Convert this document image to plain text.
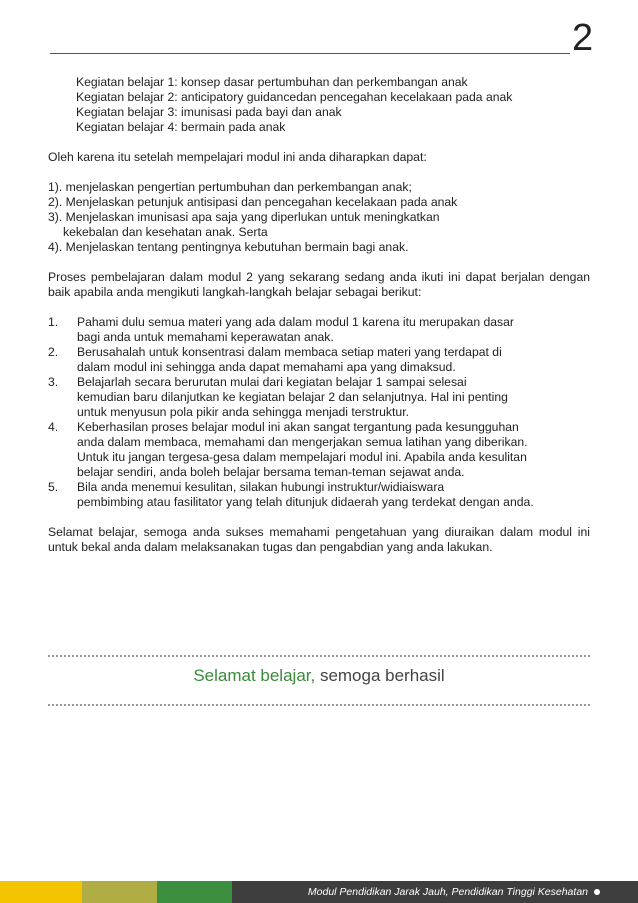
2
Kegiatan belajar 1: konsep dasar pertumbuhan dan perkembangan anak
Kegiatan belajar 2: anticipatory guidancedan pencegahan kecelakaan pada anak
Kegiatan belajar 3: imunisasi pada bayi dan anak
Kegiatan belajar 4: bermain pada anak

Oleh karena itu setelah mempelajari modul ini anda diharapkan dapat:

1). menjelaskan pengertian pertumbuhan dan perkembangan anak;
2). Menjelaskan petunjuk antisipasi dan pencegahan kecelakaan pada anak
3). Menjelaskan imunisasi apa saja yang diperlukan untuk meningkatkan
kekebalan dan kesehatan anak. Serta
4). Menjelaskan tentang pentingnya kebutuhan bermain bagi anak.

Proses pembelajaran dalam modul 2 yang sekarang sedang anda ikuti ini dapat berjalan dengan baik apabila anda mengikuti langkah-langkah belajar sebagai berikut:

1.	Pahami dulu semua materi yang ada dalam modul 1 karena itu merupakan dasar
bagi anda untuk memahami keperawatan anak.
2.	Berusahalah untuk konsentrasi dalam membaca setiap materi yang terdapat di
dalam modul ini sehingga anda dapat memahami apa yang dimaksud.
3.	Belajarlah secara berurutan mulai dari kegiatan belajar 1 sampai selesai
kemudian baru dilanjutkan ke kegiatan belajar 2 dan selanjutnya. Hal ini penting
untuk menyusun pola pikir anda sehingga menjadi terstruktur.
4.	Keberhasilan proses belajar modul ini akan sangat tergantung pada kesungguhan
anda dalam membaca, memahami dan mengerjakan semua latihan yang diberikan.
Untuk itu jangan tergesa-gesa dalam mempelajari modul ini. Apabila anda kesulitan
belajar sendiri, anda boleh belajar bersama teman-teman sejawat anda.
5.	Bila anda menemui kesulitan, silakan hubungi instruktur/widiaiswara
pembimbing atau fasilitator yang telah ditunjuk didaerah yang terdekat dengan anda.

Selamat belajar, semoga anda sukses memahami pengetahuan yang diuraikan dalam modul ini untuk bekal anda dalam melaksanakan tugas dan pengabdian yang anda lakukan.

Selamat belajar, semoga berhasil
Modul Pendidikan Jarak Jauh, Pendidikan Tinggi Kesehatan
